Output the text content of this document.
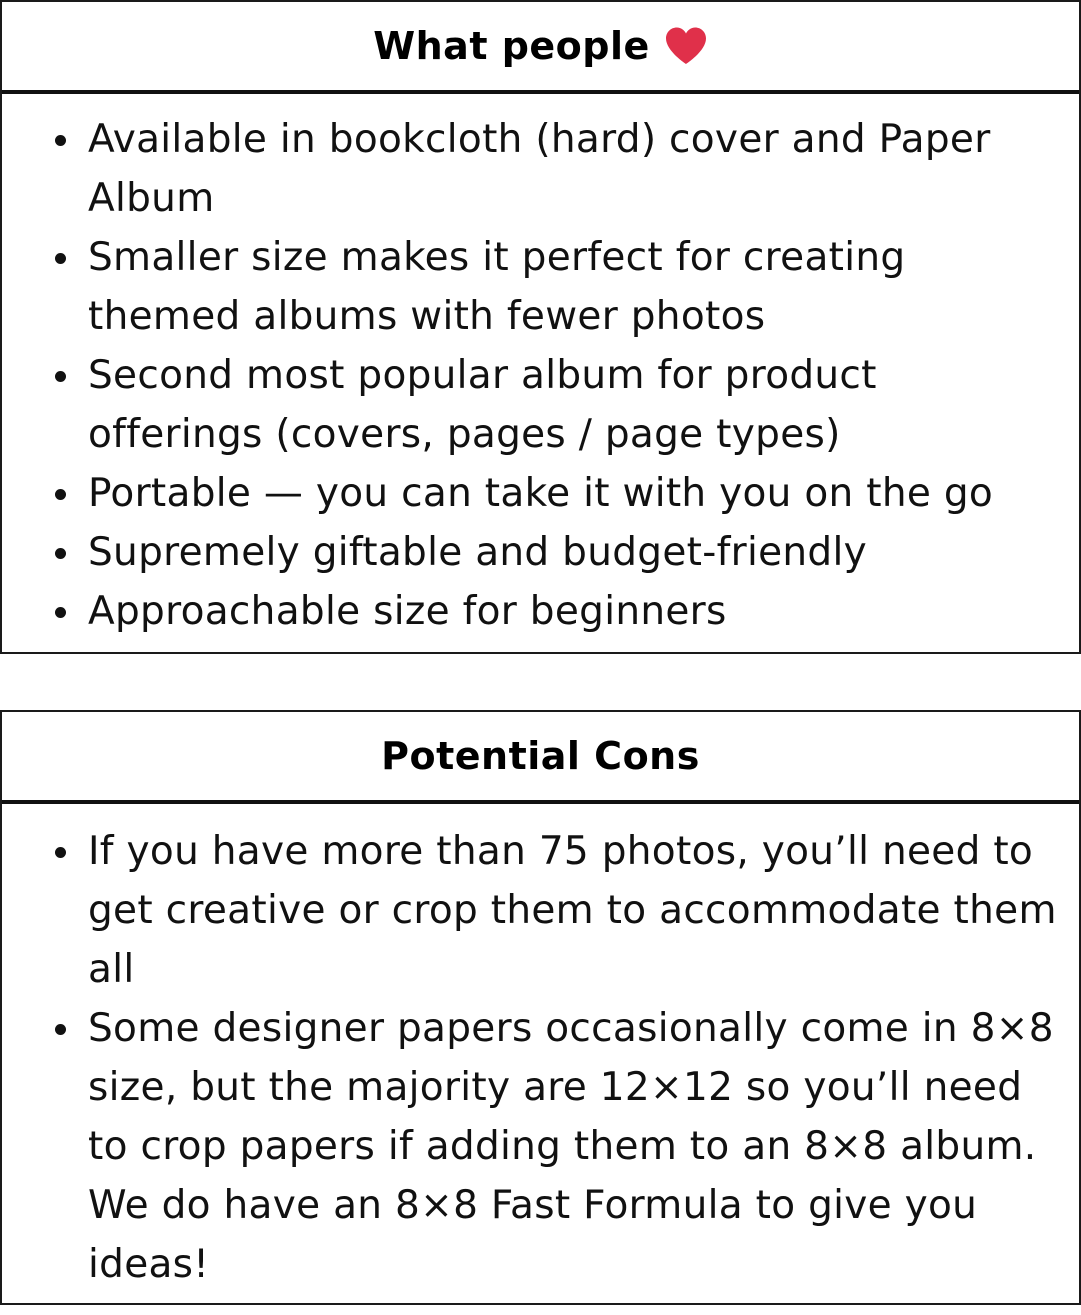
What people
Available in bookcloth (hard) cover and Paper Album
Smaller size makes it perfect for creating themed albums with fewer photos
Second most popular album for product offerings (covers, pages / page types)
Portable — you can take it with you on the go
Supremely giftable and budget-friendly
Approachable size for beginners
Potential Cons
If you have more than 75 photos, you’ll need to get creative or crop them to accommodate them all
Some designer papers occasionally come in 8×8 size, but the majority are 12×12 so you’ll need to crop papers if adding them to an 8×8 album. We do have an 8×8 Fast Formula to give you ideas!
